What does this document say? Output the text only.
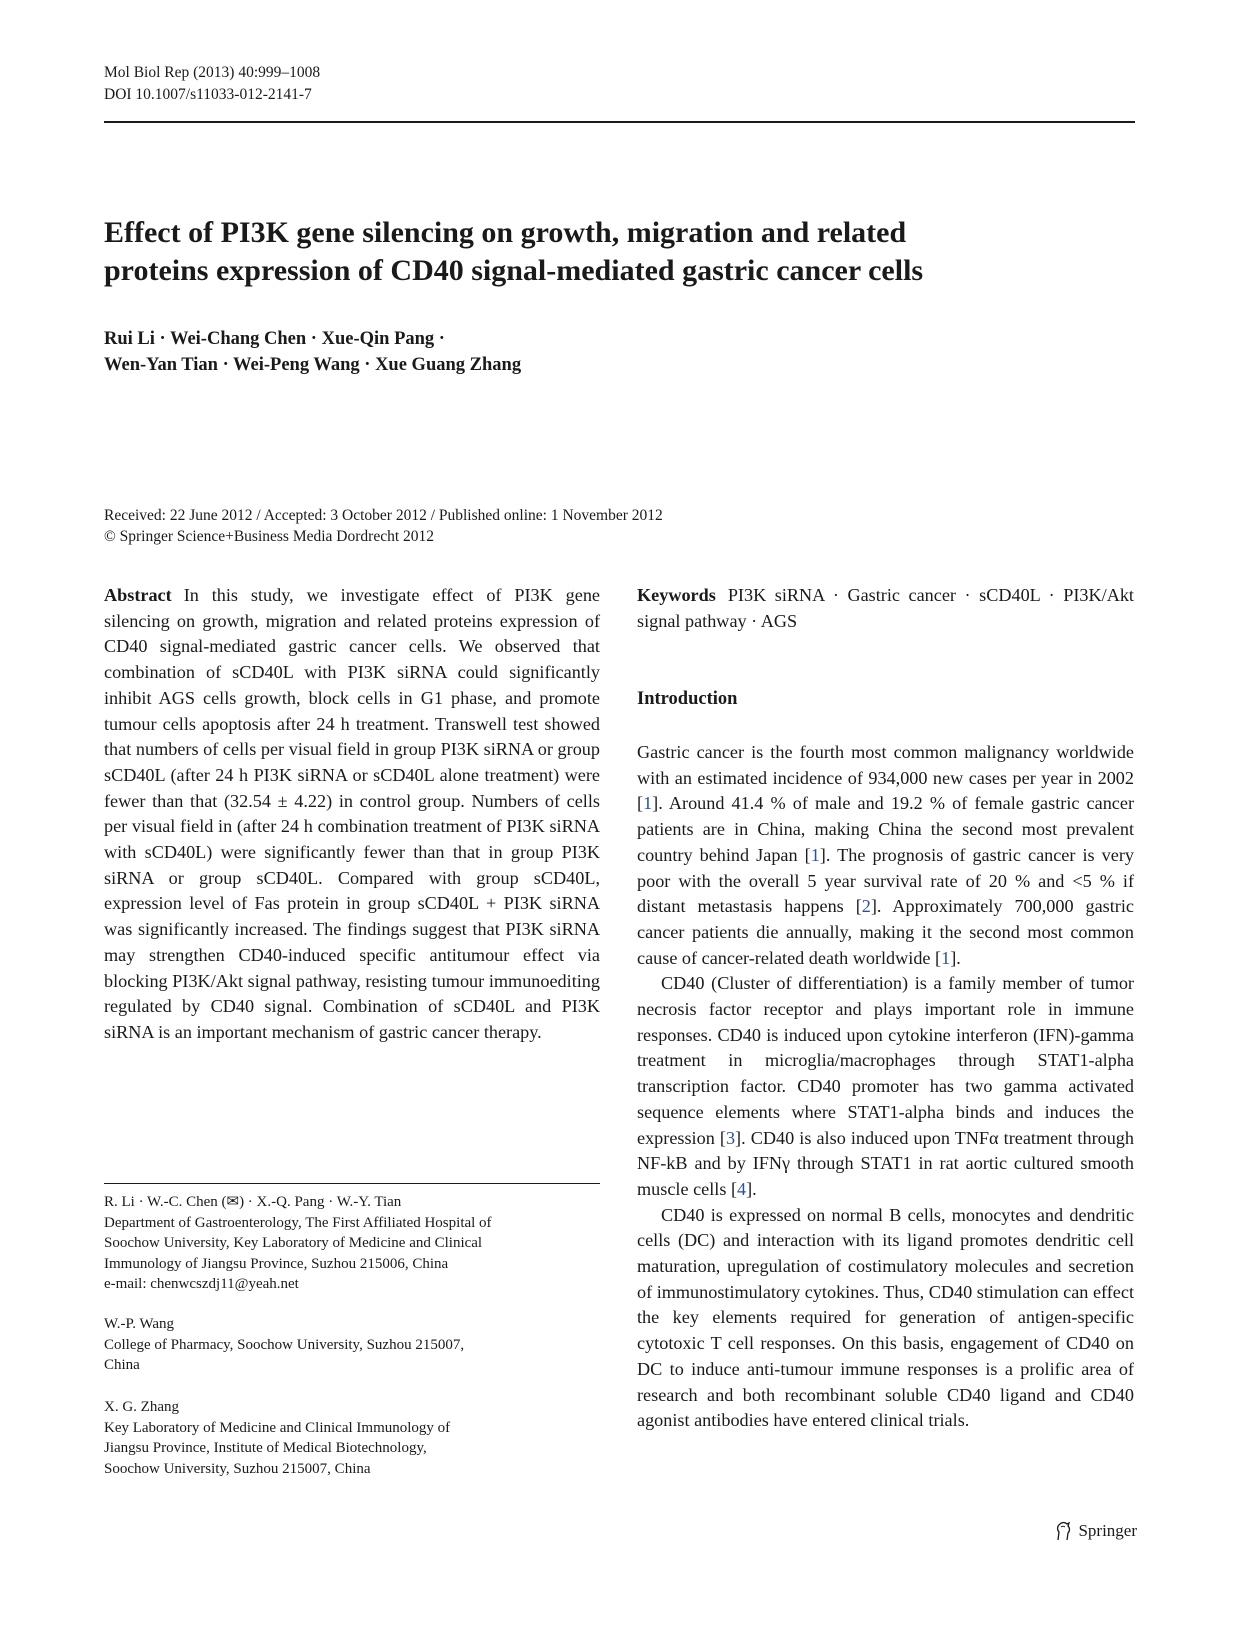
Mol Biol Rep (2013) 40:999–1008
DOI 10.1007/s11033-012-2141-7
Effect of PI3K gene silencing on growth, migration and related
proteins expression of CD40 signal-mediated gastric cancer cells
Rui Li · Wei-Chang Chen · Xue-Qin Pang ·
Wen-Yan Tian · Wei-Peng Wang · Xue Guang Zhang
Received: 22 June 2012 / Accepted: 3 October 2012 / Published online: 1 November 2012
© Springer Science+Business Media Dordrecht 2012

Abstract In this study, we investigate effect of PI3K gene silencing on growth, migration and related proteins expression of CD40 signal-mediated gastric cancer cells. We observed that combination of sCD40L with PI3K siRNA could significantly inhibit AGS cells growth, block cells in G1 phase, and promote tumour cells apoptosis after 24 h treatment. Transwell test showed that numbers of cells per visual field in group PI3K siRNA or group sCD40L (after 24 h PI3K siRNA or sCD40L alone treatment) were fewer than that (32.54 ± 4.22) in control group. Numbers of cells per visual field in (after 24 h combination treatment of PI3K siRNA with sCD40L) were significantly fewer than that in group PI3K siRNA or group sCD40L. Compared with group sCD40L, expression level of Fas protein in group sCD40L + PI3K siRNA was significantly increased. The findings suggest that PI3K siRNA may strengthen CD40-induced specific antitumour effect via blocking PI3K/Akt signal pathway, resisting tumour immunoediting regulated by CD40 signal. Combination of sCD40L and PI3K siRNA is an important mechanism of gastric cancer therapy.

Keywords PI3K siRNA · Gastric cancer · sCD40L · PI3K/Akt signal pathway · AGS

Introduction

Gastric cancer is the fourth most common malignancy worldwide with an estimated incidence of 934,000 new cases per year in 2002 [1]. Around 41.4 % of male and 19.2 % of female gastric cancer patients are in China, making China the second most prevalent country behind Japan [1]. The prognosis of gastric cancer is very poor with the overall 5 year survival rate of 20 % and <5 % if distant metastasis happens [2]. Approximately 700,000 gastric cancer patients die annually, making it the second most common cause of cancer-related death worldwide [1].

CD40 (Cluster of differentiation) is a family member of tumor necrosis factor receptor and plays important role in immune responses. CD40 is induced upon cytokine interferon (IFN)-gamma treatment in microglia/macrophages through STAT1-alpha transcription factor. CD40 promoter has two gamma activated sequence elements where STAT1-alpha binds and induces the expression [3]. CD40 is also induced upon TNFα treatment through NF-kB and by IFNγ through STAT1 in rat aortic cultured smooth muscle cells [4].

CD40 is expressed on normal B cells, monocytes and dendritic cells (DC) and interaction with its ligand promotes dendritic cell maturation, upregulation of costimulatory molecules and secretion of immunostimulatory cytokines. Thus, CD40 stimulation can effect the key elements required for generation of antigen-specific cytotoxic T cell responses. On this basis, engagement of CD40 on DC to induce anti-tumour immune responses is a prolific area of research and both recombinant soluble CD40 ligand and CD40 agonist antibodies have entered clinical trials.

R. Li · W.-C. Chen (✉) · X.-Q. Pang · W.-Y. Tian
Department of Gastroenterology, The First Affiliated Hospital of
Soochow University, Key Laboratory of Medicine and Clinical
Immunology of Jiangsu Province, Suzhou 215006, China
e-mail: chenwcszdj11@yeah.net
W.-P. Wang
College of Pharmacy, Soochow University, Suzhou 215007,
China
X. G. Zhang
Key Laboratory of Medicine and Clinical Immunology of
Jiangsu Province, Institute of Medical Biotechnology,
Soochow University, Suzhou 215007, China
Springer
